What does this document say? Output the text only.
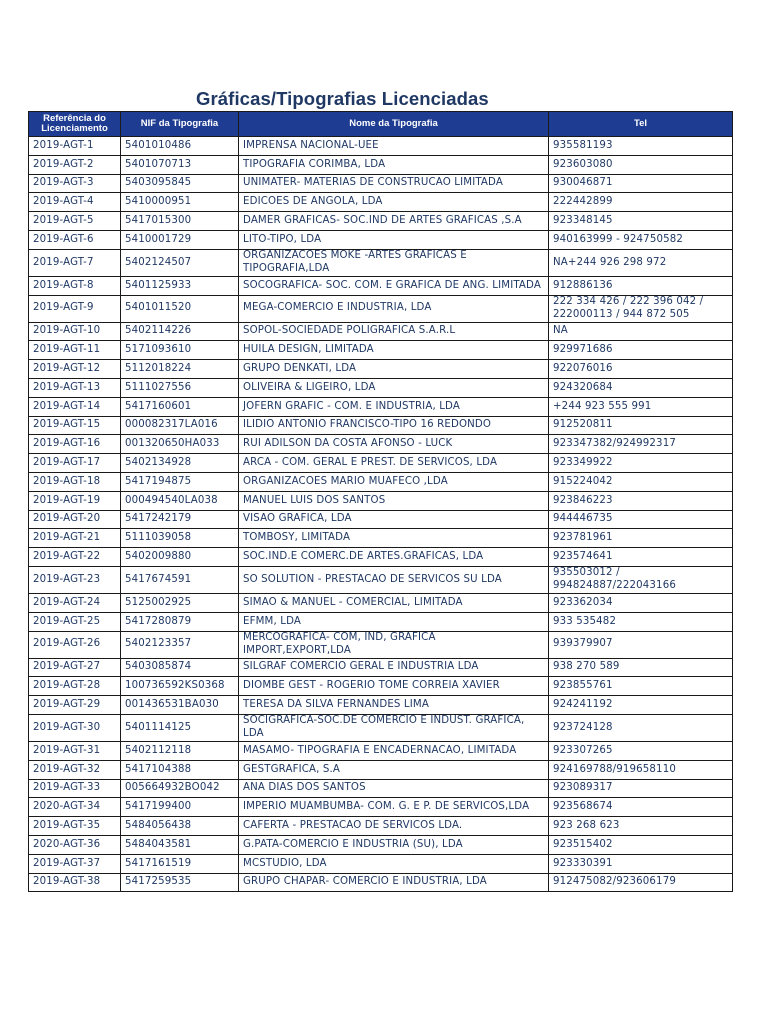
Gráficas/Tipografias Licenciadas
Referência do Licenciamento	NIF da Tipografia	Nome da Tipografia	Tel
2019-AGT-1	5401010486	IMPRENSA NACIONAL-UEE	935581193
2019-AGT-2	5401070713	TIPOGRAFIA CORIMBA, LDA	923603080
2019-AGT-3	5403095845	UNIMATER- MATERIAS DE CONSTRUCAO LIMITADA	930046871
2019-AGT-4	5410000951	EDICOES DE ANGOLA, LDA	222442899
2019-AGT-5	5417015300	DAMER GRAFICAS- SOC.IND DE ARTES GRAFICAS ,S.A	923348145
2019-AGT-6	5410001729	LITO-TIPO, LDA	940163999 - 924750582
2019-AGT-7	5402124507	ORGANIZACOES MOKE -ARTES GRAFICAS E TIPOGRAFIA,LDA	NA+244 926 298 972
2019-AGT-8	5401125933	SOCOGRAFICA- SOC. COM. E GRAFICA DE ANG. LIMITADA	912886136
2019-AGT-9	5401011520	MEGA-COMERCIO E INDUSTRIA, LDA	222 334 426 / 222 396 042 / 222000113 / 944 872 505
2019-AGT-10	5402114226	SOPOL-SOCIEDADE POLIGRAFICA S.A.R.L	NA
2019-AGT-11	5171093610	HUILA DESIGN, LIMITADA	929971686
2019-AGT-12	5112018224	GRUPO DENKATI, LDA	922076016
2019-AGT-13	5111027556	OLIVEIRA & LIGEIRO, LDA	924320684
2019-AGT-14	5417160601	JOFERN GRAFIC - COM. E INDUSTRIA, LDA	+244 923 555 991
2019-AGT-15	000082317LA016	ILIDIO ANTONIO FRANCISCO-TIPO 16 REDONDO	912520811
2019-AGT-16	001320650HA033	RUI ADILSON DA COSTA AFONSO - LUCK	923347382/924992317
2019-AGT-17	5402134928	ARCA - COM. GERAL E PREST. DE SERVICOS, LDA	923349922
2019-AGT-18	5417194875	ORGANIZACOES MARIO MUAFECO ,LDA	915224042
2019-AGT-19	000494540LA038	MANUEL LUIS DOS SANTOS	923846223
2019-AGT-20	5417242179	VISAO GRAFICA, LDA	944446735
2019-AGT-21	5111039058	TOMBOSY, LIMITADA	923781961
2019-AGT-22	5402009880	SOC.IND.E COMERC.DE ARTES.GRAFICAS, LDA	923574641
2019-AGT-23	5417674591	SO SOLUTION - PRESTACAO DE SERVICOS SU LDA	935503012 / 994824887/222043166
2019-AGT-24	5125002925	SIMAO & MANUEL - COMERCIAL, LIMITADA	923362034
2019-AGT-25	5417280879	EFMM, LDA	933 535482
2019-AGT-26	5402123357	MERCOGRAFICA- COM, IND, GRAFICA IMPORT,EXPORT,LDA	939379907
2019-AGT-27	5403085874	SILGRAF COMERCIO GERAL E INDUSTRIA LDA	938 270 589
2019-AGT-28	100736592KS0368	DIOMBE GEST - ROGERIO TOME CORREIA XAVIER	923855761
2019-AGT-29	001436531BA030	TERESA DA SILVA FERNANDES LIMA	924241192
2019-AGT-30	5401114125	SOCIGRAFICA-SOC.DE COMERCIO E INDUST. GRAFICA, LDA	923724128
2019-AGT-31	5402112118	MASAMO- TIPOGRAFIA E ENCADERNACAO, LIMITADA	923307265
2019-AGT-32	5417104388	GESTGRAFICA, S.A	924169788/919658110
2019-AGT-33	005664932BO042	ANA DIAS DOS SANTOS	923089317
2020-AGT-34	5417199400	IMPERIO MUAMBUMBA- COM. G. E P. DE SERVICOS,LDA	923568674
2019-AGT-35	5484056438	CAFERTA - PRESTACAO DE SERVICOS LDA.	923 268 623
2020-AGT-36	5484043581	G.PATA-COMERCIO E INDUSTRIA (SU), LDA	923515402
2019-AGT-37	5417161519	MCSTUDIO, LDA	923330391
2019-AGT-38	5417259535	GRUPO CHAPAR- COMERCIO E INDUSTRIA, LDA	912475082/923606179
